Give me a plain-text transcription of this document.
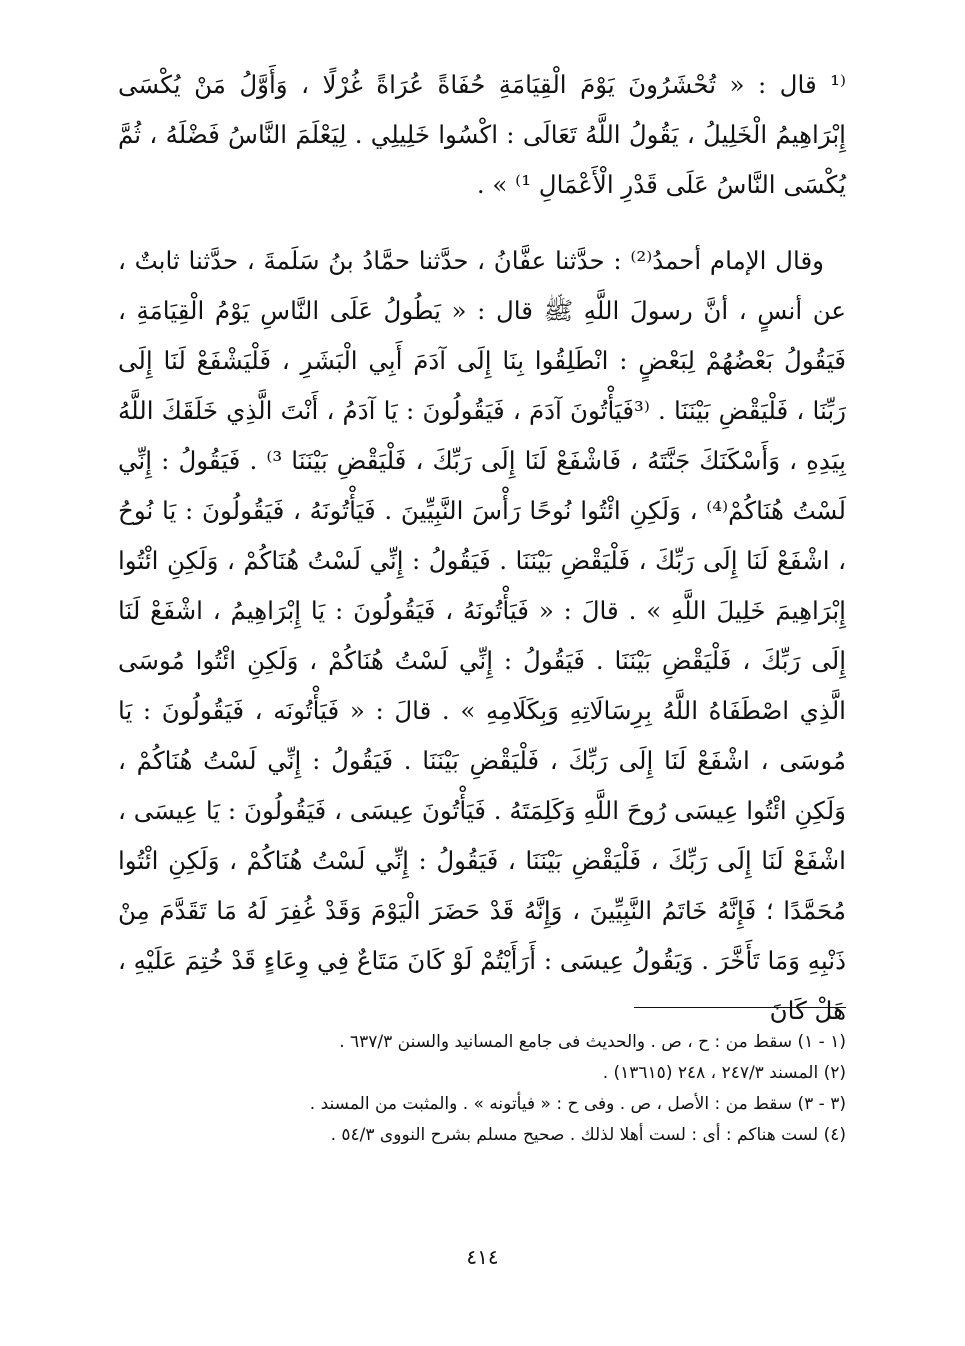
⁽¹ قال : « تُحْشَرُونَ يَوْمَ الْقِيَامَةِ حُفَاةً عُرَاةً غُرْلًا ، وَأَوَّلُ مَنْ يُكْسَى إِبْرَاهِيمُ الْخَلِيلُ ، يَقُولُ اللَّهُ تَعَالَى : اكْسُوا خَلِيلِي . لِيَعْلَمَ النَّاسُ فَضْلَهُ ، ثُمَّ يُكْسَى النَّاسُ عَلَى قَدْرِ الْأَعْمَالِ ¹⁾ » .

وقال الإمام أحمدُ⁽²⁾ : حدَّثنا عفَّانُ ، حدَّثنا حمَّادُ بنُ سَلَمةَ ، حدَّثنا ثابتٌ ، عن أنسٍ ، أنَّ رسولَ اللَّهِ ﷺ قال : « يَطُولُ عَلَى النَّاسِ يَوْمُ الْقِيَامَةِ ، فَيَقُولُ بَعْضُهُمْ لِبَعْضٍ : انْطَلِقُوا بِنَا إِلَى آدَمَ أَبِي الْبَشَرِ ، فَلْيَشْفَعْ لَنَا إِلَى رَبِّنَا ، فَلْيَقْضِ بَيْنَنَا . ⁽³فَيَأْتُونَ آدَمَ ، فَيَقُولُونَ : يَا آدَمُ ، أَنْتَ الَّذِي خَلَقَكَ اللَّهُ بِيَدِهِ ، وَأَسْكَنَكَ جَنَّتَهُ ، فَاشْفَعْ لَنَا إِلَى رَبِّكَ ، فَلْيَقْضِ بَيْنَنَا ³⁾ . فَيَقُولُ : إِنِّي لَسْتُ هُنَاكُمْ⁽⁴⁾ ، وَلَكِنِ ائْتُوا نُوحًا رَأْسَ النَّبِيِّينَ . فَيَأْتُونَهُ ، فَيَقُولُونَ : يَا نُوحُ ، اشْفَعْ لَنَا إِلَى رَبِّكَ ، فَلْيَقْضِ بَيْنَنَا . فَيَقُولُ : إِنِّي لَسْتُ هُنَاكُمْ ، وَلَكِنِ ائْتُوا إِبْرَاهِيمَ خَلِيلَ اللَّهِ » . قالَ : « فَيَأْتُونَهُ ، فَيَقُولُونَ : يَا إِبْرَاهِيمُ ، اشْفَعْ لَنَا إِلَى رَبِّكَ ، فَلْيَقْضِ بَيْنَنَا . فَيَقُولُ : إِنِّي لَسْتُ هُنَاكُمْ ، وَلَكِنِ ائْتُوا مُوسَى الَّذِي اصْطَفَاهُ اللَّهُ بِرِسَالَاتِهِ وَبِكَلَامِهِ » . قالَ : « فَيَأْتُونَه ، فَيَقُولُونَ : يَا مُوسَى ، اشْفَعْ لَنَا إِلَى رَبِّكَ ، فَلْيَقْضِ بَيْنَنَا . فَيَقُولُ : إِنِّي لَسْتُ هُنَاكُمْ ، وَلَكِنِ ائْتُوا عِيسَى رُوحَ اللَّهِ وَكَلِمَتَهُ . فَيَأْتُونَ عِيسَى ، فَيَقُولُونَ : يَا عِيسَى ، اشْفَعْ لَنَا إِلَى رَبِّكَ ، فَلْيَقْضِ بَيْنَنَا ، فَيَقُولُ : إِنِّي لَسْتُ هُنَاكُمْ ، وَلَكِنِ ائْتُوا مُحَمَّدًا ؛ فَإِنَّهُ خَاتَمُ النَّبِيِّينَ ، وَإِنَّهُ قَدْ حَضَرَ الْيَوْمَ وَقَدْ غُفِرَ لَهُ مَا تَقَدَّمَ مِنْ ذَنْبِهِ وَمَا تَأَخَّرَ . وَيَقُولُ عِيسَى : أَرَأَيْتُمْ لَوْ كَانَ مَتَاعٌ فِي وِعَاءٍ قَدْ خُتِمَ عَلَيْهِ ، هَلْ كَانَ

(١ - ١) سقط من : ح ، ص . والحديث فى جامع المسانيد والسنن ٦٣٧/٣ .

(٢) المسند ٢٤٧/٣ ، ٢٤٨ (١٣٦١٥) .

(٣ - ٣) سقط من : الأصل ، ص . وفى ح : « فيأتونه » . والمثبت من المسند .

(٤) لست هناكم : أى : لست أهلا لذلك . صحيح مسلم بشرح النووى ٥٤/٣ .

٤١٤
